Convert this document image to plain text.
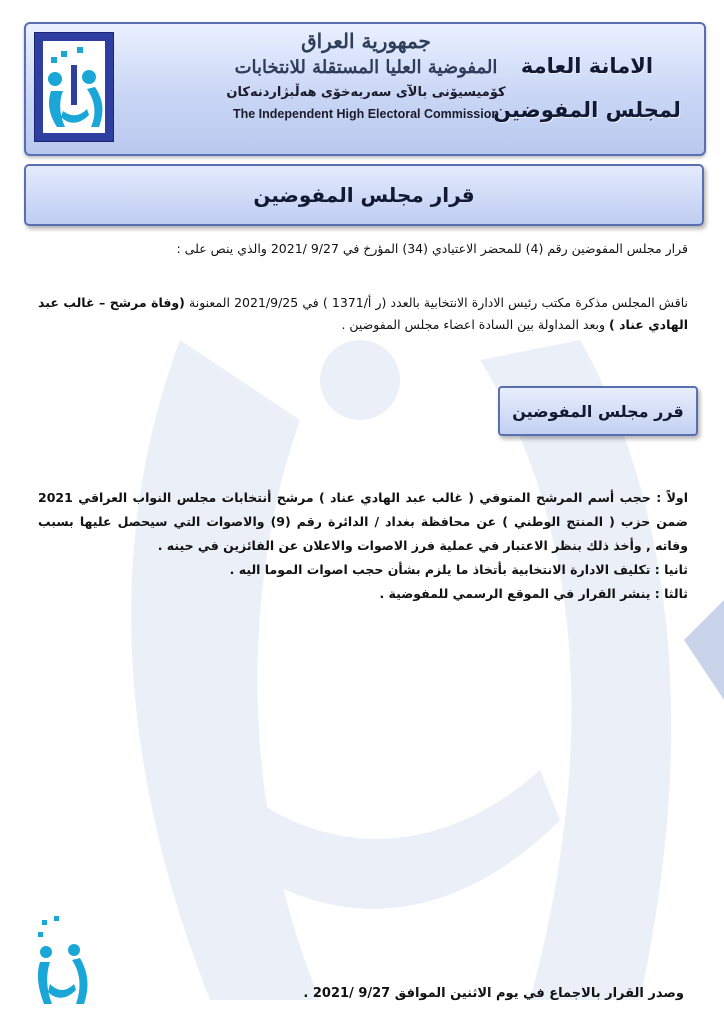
جمهورية العراق
المفوضية العليا المستقلة للانتخابات
كۆميسيۆنى بالآى سەربەخۆى هەڵبژاردنەكان
The Independent High Electoral Commission
الامانة العامة
لمجلس المفوضين
قرار مجلس المفوضين
قرار مجلس المفوضين رقم (4) للمحضر الاعتيادي (34) المؤرخ في 9/27 /2021 والذي ينص على :
ناقش المجلس مذكرة مكتب رئيس الادارة الانتخابية بالعدد (ر أ/1371 ) في 2021/9/25 المعنونة (وفاة مرشح – غالب عبد الهادي عناد ) وبعد المداولة بين السادة اعضاء مجلس المفوضين .
قرر مجلس المفوضين

اولاً : حجب أسم المرشح المتوفي ( غالب عبد الهادي عناد ) مرشح أنتخابات مجلس النواب العراقي 2021 ضمن حزب ( المنتج الوطني ) عن محافظة بغداد / الدائرة رقم (9) والاصوات التي سيحصل عليها بسبب وفاته , وأخذ ذلك بنظر الاعتبار في عملية فرز الاصوات والاعلان عن الفائزين في حينه .

ثانيا : تكليف الادارة الانتخابية بأتخاذ ما يلزم بشأن حجب اصوات الموما اليه .

ثالثا : ينشر القرار في الموقع الرسمي للمفوضية .

وصدر القرار بالاجماع في يوم الاثنين الموافق 9/27 /2021 .
